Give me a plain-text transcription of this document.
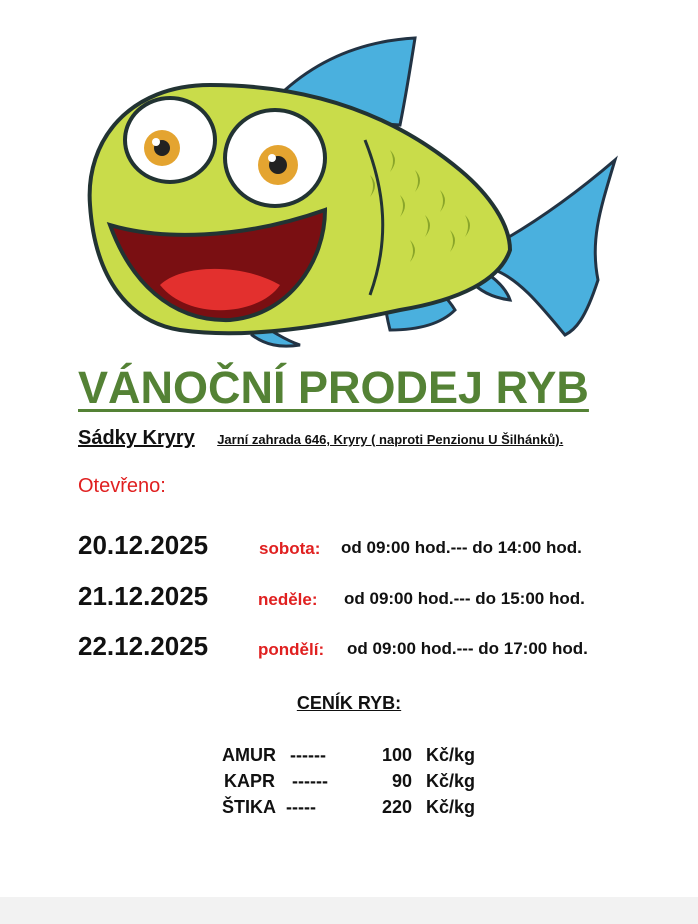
VÁNOČNÍ PRODEJ RYB
Sádky Kryry Jarní zahrada 646, Kryry ( naproti Penzionu U Šilhánků).
Otevřeno:
20.12.2025	sobota: od 09:00 hod.--- do 14:00 hod.
21.12.2025	neděle: od 09:00 hod.--- do 15:00 hod.
22.12.2025	pondělí: od 09:00 hod.--- do 17:00 hod.
CENÍK RYB:
AMUR ------	100 Kč/kg
KAPR ------	90 Kč/kg
ŠTIKA -----	220 Kč/kg
